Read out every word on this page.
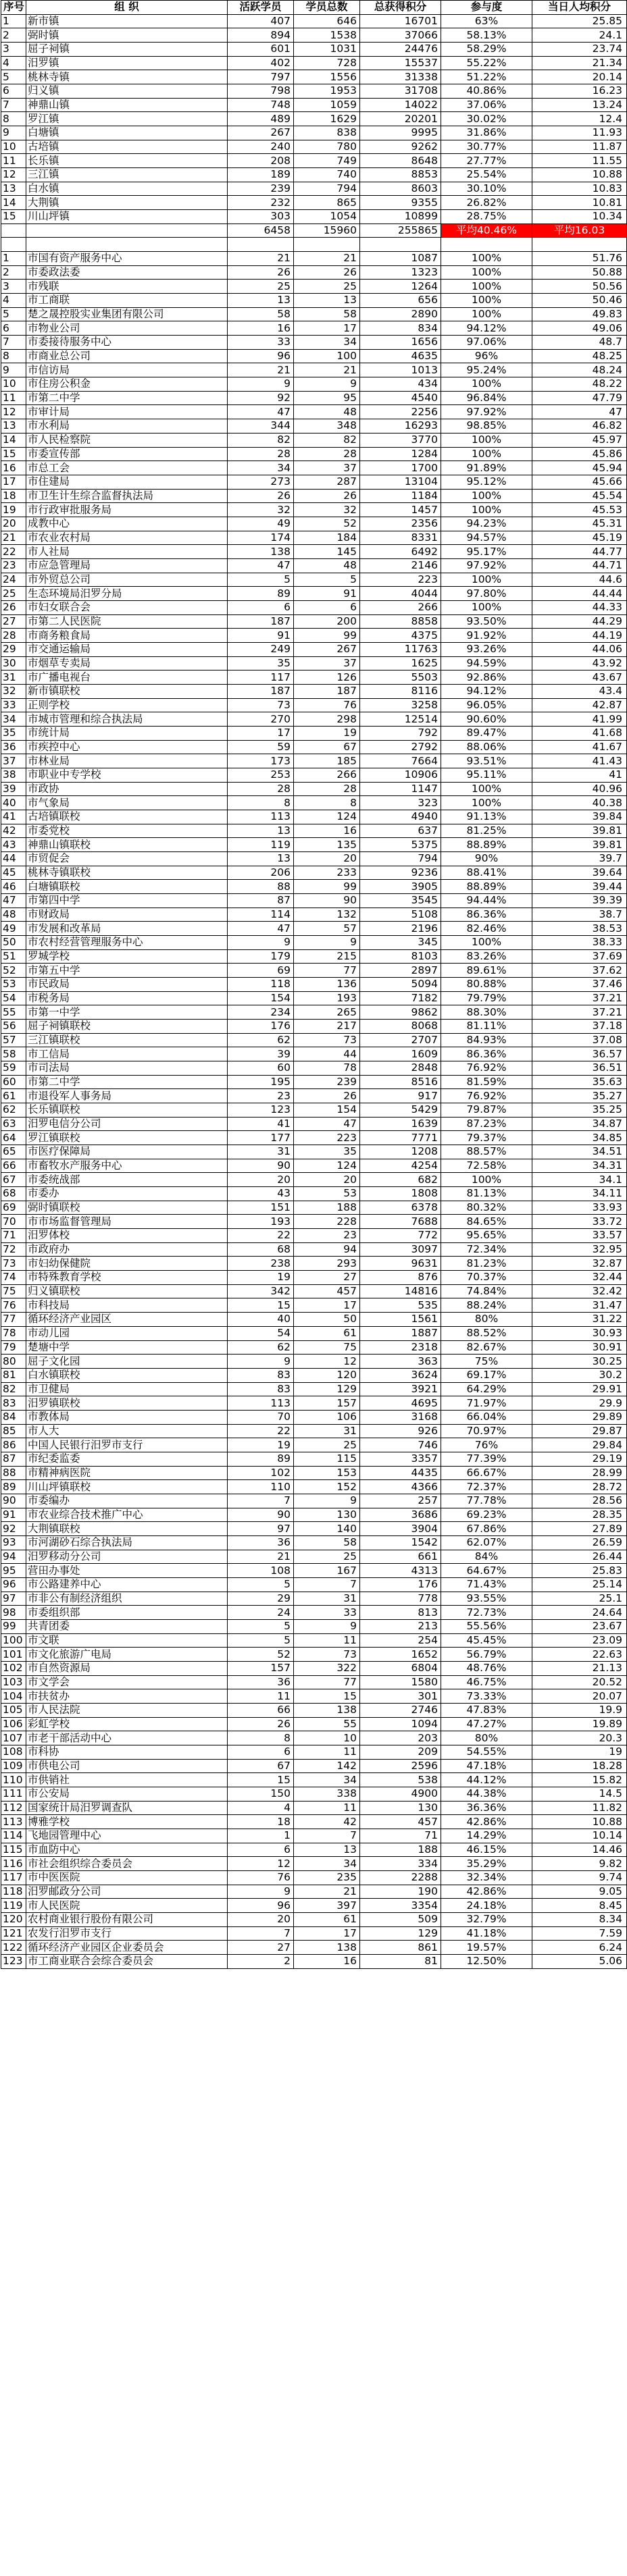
序号	组 织	活跃学员	学员总数	总获得积分	参与度	当日人均积分
1	新市镇	407	646	16701	63%	25.85
2	弼时镇	894	1538	37066	58.13%	24.1
3	屈子祠镇	601	1031	24476	58.29%	23.74
4	汨罗镇	402	728	15537	55.22%	21.34
5	桃林寺镇	797	1556	31338	51.22%	20.14
6	归义镇	798	1953	31708	40.86%	16.23
7	神鼎山镇	748	1059	14022	37.06%	13.24
8	罗江镇	489	1629	20201	30.02%	12.4
9	白塘镇	267	838	9995	31.86%	11.93
10	古培镇	240	780	9262	30.77%	11.87
11	长乐镇	208	749	8648	27.77%	11.55
12	三江镇	189	740	8853	25.54%	10.88
13	白水镇	239	794	8603	30.10%	10.83
14	大荆镇	232	865	9355	26.82%	10.81
15	川山坪镇	303	1054	10899	28.75%	10.34
		6458	15960	255865	平均40.46%	平均16.03

1	市国有资产服务中心	21	21	1087	100%	51.76
2	市委政法委	26	26	1323	100%	50.88
3	市残联	25	25	1264	100%	50.56
4	市工商联	13	13	656	100%	50.46
5	楚之晟控股实业集团有限公司	58	58	2890	100%	49.83
6	市物业公司	16	17	834	94.12%	49.06
7	市委接待服务中心	33	34	1656	97.06%	48.7
8	市商业总公司	96	100	4635	96%	48.25
9	市信访局	21	21	1013	95.24%	48.24
10	市住房公积金	9	9	434	100%	48.22
11	市第二中学	92	95	4540	96.84%	47.79
12	市审计局	47	48	2256	97.92%	47
13	市水利局	344	348	16293	98.85%	46.82
14	市人民检察院	82	82	3770	100%	45.97
15	市委宣传部	28	28	1284	100%	45.86
16	市总工会	34	37	1700	91.89%	45.94
17	市住建局	273	287	13104	95.12%	45.66
18	市卫生计生综合监督执法局	26	26	1184	100%	45.54
19	市行政审批服务局	32	32	1457	100%	45.53
20	成教中心	49	52	2356	94.23%	45.31
21	市农业农村局	174	184	8331	94.57%	45.19
22	市人社局	138	145	6492	95.17%	44.77
23	市应急管理局	47	48	2146	97.92%	44.71
24	市外贸总公司	5	5	223	100%	44.6
25	生态环境局汨罗分局	89	91	4044	97.80%	44.44
26	市妇女联合会	6	6	266	100%	44.33
27	市第二人民医院	187	200	8858	93.50%	44.29
28	市商务粮食局	91	99	4375	91.92%	44.19
29	市交通运输局	249	267	11763	93.26%	44.06
30	市烟草专卖局	35	37	1625	94.59%	43.92
31	市广播电视台	117	126	5503	92.86%	43.67
32	新市镇联校	187	187	8116	94.12%	43.4
33	正则学校	73	76	3258	96.05%	42.87
34	市城市管理和综合执法局	270	298	12514	90.60%	41.99
35	市统计局	17	19	792	89.47%	41.68
36	市疾控中心	59	67	2792	88.06%	41.67
37	市林业局	173	185	7664	93.51%	41.43
38	市职业中专学校	253	266	10906	95.11%	41
39	市政协	28	28	1147	100%	40.96
40	市气象局	8	8	323	100%	40.38
41	古培镇联校	113	124	4940	91.13%	39.84
42	市委党校	13	16	637	81.25%	39.81
43	神鼎山镇联校	119	135	5375	88.89%	39.81
44	市贸促会	13	20	794	90%	39.7
45	桃林寺镇联校	206	233	9236	88.41%	39.64
46	白塘镇联校	88	99	3905	88.89%	39.44
47	市第四中学	87	90	3545	94.44%	39.39
48	市财政局	114	132	5108	86.36%	38.7
49	市发展和改革局	47	57	2196	82.46%	38.53
50	市农村经营管理服务中心	9	9	345	100%	38.33
51	罗城学校	179	215	8103	83.26%	37.69
52	市第五中学	69	77	2897	89.61%	37.62
53	市民政局	118	136	5094	80.88%	37.46
54	市税务局	154	193	7182	79.79%	37.21
55	市第一中学	234	265	9862	88.30%	37.21
56	屈子祠镇联校	176	217	8068	81.11%	37.18
57	三江镇联校	62	73	2707	84.93%	37.08
58	市工信局	39	44	1609	86.36%	36.57
59	市司法局	60	78	2848	76.92%	36.51
60	市第二中学	195	239	8516	81.59%	35.63
61	市退役军人事务局	23	26	917	76.92%	35.27
62	长乐镇联校	123	154	5429	79.87%	35.25
63	汨罗电信分公司	41	47	1639	87.23%	34.87
64	罗江镇联校	177	223	7771	79.37%	34.85
65	市医疗保障局	31	35	1208	88.57%	34.51
66	市畜牧水产服务中心	90	124	4254	72.58%	34.31
67	市委统战部	20	20	682	100%	34.1
68	市委办	43	53	1808	81.13%	34.11
69	弼时镇联校	151	188	6378	80.32%	33.93
70	市市场监督管理局	193	228	7688	84.65%	33.72
71	汨罗体校	22	23	772	95.65%	33.57
72	市政府办	68	94	3097	72.34%	32.95
73	市妇幼保健院	238	293	9631	81.23%	32.87
74	市特殊教育学校	19	27	876	70.37%	32.44
75	归义镇联校	342	457	14816	74.84%	32.42
76	市科技局	15	17	535	88.24%	31.47
77	循环经济产业园区	40	50	1561	80%	31.22
78	市动儿园	54	61	1887	88.52%	30.93
79	楚塘中学	62	75	2318	82.67%	30.91
80	屈子文化园	9	12	363	75%	30.25
81	白水镇联校	83	120	3624	69.17%	30.2
82	市卫健局	83	129	3921	64.29%	29.91
83	汨罗镇联校	113	157	4695	71.97%	29.9
84	市教体局	70	106	3168	66.04%	29.89
85	市人大	22	31	926	70.97%	29.87
86	中国人民银行汨罗市支行	19	25	746	76%	29.84
87	市纪委监委	89	115	3357	77.39%	29.19
88	市精神病医院	102	153	4435	66.67%	28.99
89	川山坪镇联校	110	152	4366	72.37%	28.72
90	市委编办	7	9	257	77.78%	28.56
91	市农业综合技术推广中心	90	130	3686	69.23%	28.35
92	大荆镇联校	97	140	3904	67.86%	27.89
93	市河湖砂石综合执法局	36	58	1542	62.07%	26.59
94	汨罗移动分公司	21	25	661	84%	26.44
95	营田办事处	108	167	4313	64.67%	25.83
96	市公路建养中心	5	7	176	71.43%	25.14
97	市非公有制经济组织	29	31	778	93.55%	25.1
98	市委组织部	24	33	813	72.73%	24.64
99	共青团委	5	9	213	55.56%	23.67
100	市文联	5	11	254	45.45%	23.09
101	市文化旅游广电局	52	73	1652	56.79%	22.63
102	市自然资源局	157	322	6804	48.76%	21.13
103	市文学会	36	77	1580	46.75%	20.52
104	市扶贫办	11	15	301	73.33%	20.07
105	市人民法院	66	138	2746	47.83%	19.9
106	彩虹学校	26	55	1094	47.27%	19.89
107	市老干部活动中心	8	10	203	80%	20.3
108	市科协	6	11	209	54.55%	19
109	市供电公司	67	142	2596	47.18%	18.28
110	市供销社	15	34	538	44.12%	15.82
111	市公安局	150	338	4900	44.38%	14.5
112	国家统计局汨罗调查队	4	11	130	36.36%	11.82
113	博雅学校	18	42	457	42.86%	10.88
114	飞地园管理中心	1	7	71	14.29%	10.14
115	市血防中心	6	13	188	46.15%	14.46
116	市社会组织综合委员会	12	34	334	35.29%	9.82
117	市中医医院	76	235	2288	32.34%	9.74
118	汨罗邮政分公司	9	21	190	42.86%	9.05
119	市人民医院	96	397	3354	24.18%	8.45
120	农村商业银行股份有限公司	20	61	509	32.79%	8.34
121	农发行汨罗市支行	7	17	129	41.18%	7.59
122	循环经济产业园区企业委员会	27	138	861	19.57%	6.24
123	市工商业联合会综合委员会	2	16	81	12.50%	5.06
